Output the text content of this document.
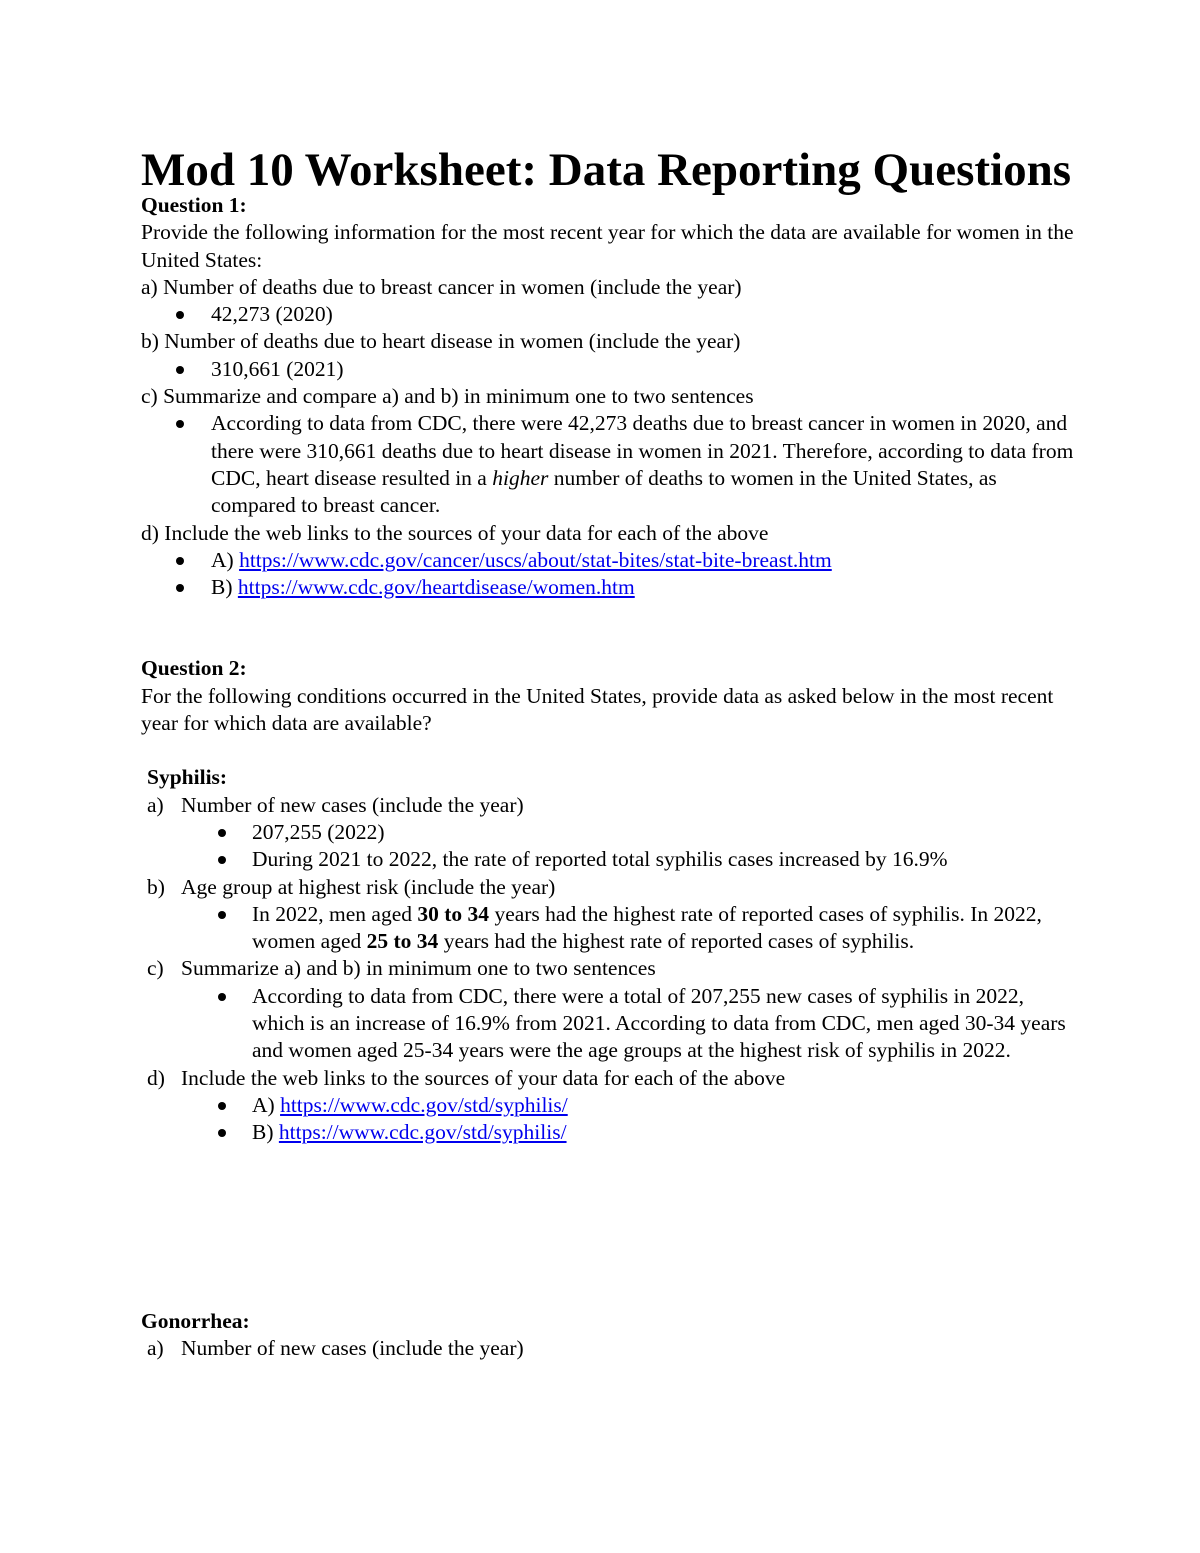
Mod 10 Worksheet: Data Reporting Questions

Question 1:

Provide the following information for the most recent year for which the data are available for women in the United States:

a) Number of deaths due to breast cancer in women (include the year)

42,273 (2020)

b) Number of deaths due to heart disease in women (include the year)

310,661 (2021)

c) Summarize and compare a) and b) in minimum one to two sentences

According to data from CDC, there were 42,273 deaths due to breast cancer in women in 2020, and there were 310,661 deaths due to heart disease in women in 2021. Therefore, according to data from CDC, heart disease resulted in a higher number of deaths to women in the United States, as compared to breast cancer.

d) Include the web links to the sources of your data for each of the above

A) https://www.cdc.gov/cancer/uscs/about/stat-bites/stat-bite-breast.htm
B) https://www.cdc.gov/heartdisease/women.htm

Question 2:

For the following conditions occurred in the United States, provide data as asked below in the most recent year for which data are available?

Syphilis:

a) Number of new cases (include the year)

207,255 (2022)
During 2021 to 2022, the rate of reported total syphilis cases increased by 16.9%
b) Age group at highest risk (include the year)

In 2022, men aged 30 to 34 years had the highest rate of reported cases of syphilis. In 2022, women aged 25 to 34 years had the highest rate of reported cases of syphilis.
c) Summarize a) and b) in minimum one to two sentences

According to data from CDC, there were a total of 207,255 new cases of syphilis in 2022, which is an increase of 16.9% from 2021. According to data from CDC, men aged 30-34 years and women aged 25-34 years were the age groups at the highest risk of syphilis in 2022.
d) Include the web links to the sources of your data for each of the above

A) https://www.cdc.gov/std/syphilis/
B) https://www.cdc.gov/std/syphilis/

Gonorrhea:

a) Number of new cases (include the year)
